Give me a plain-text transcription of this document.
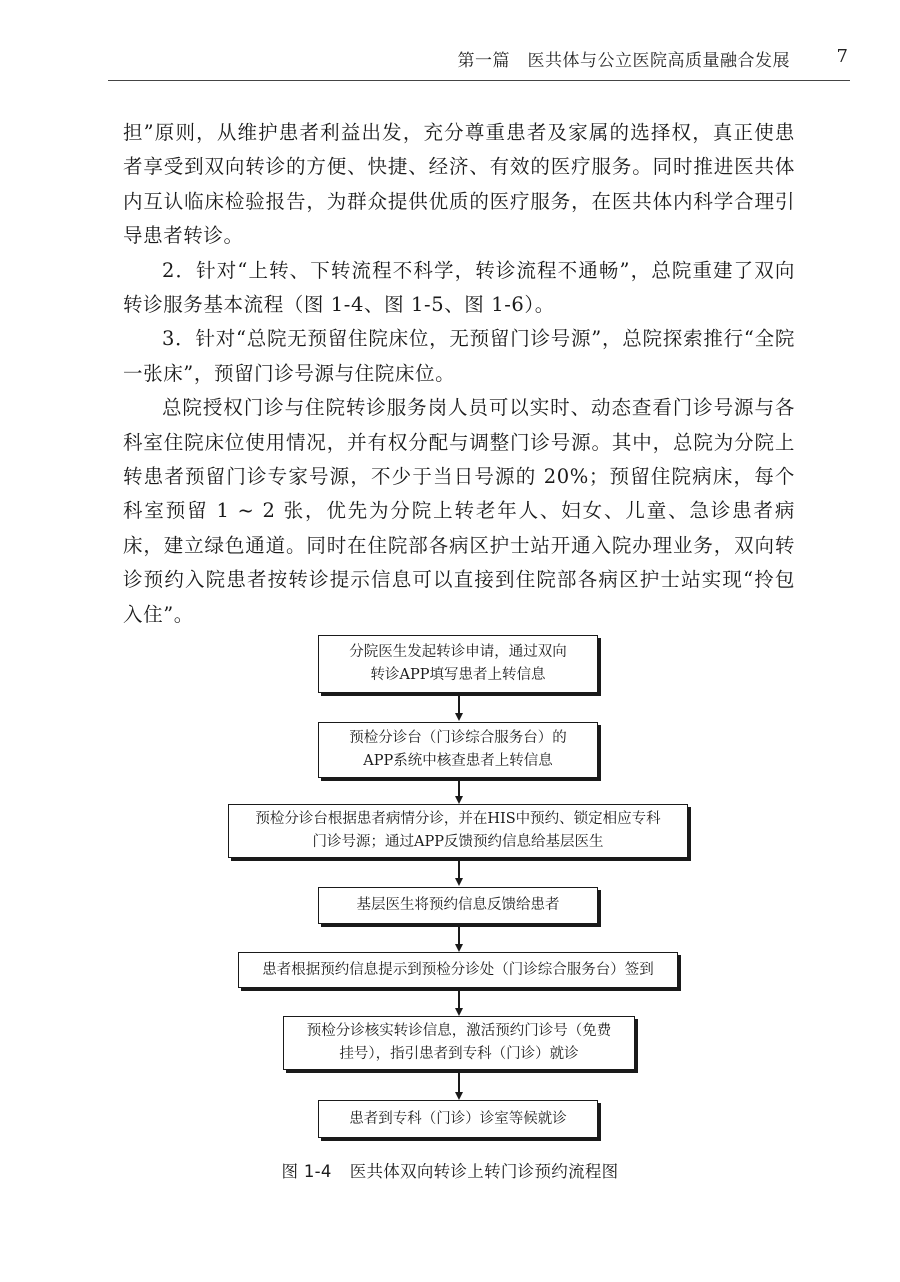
第一篇　医共体与公立医院高质量融合发展	7

担”原则，从维护患者利益出发，充分尊重患者及家属的选择权，真正使患者享受到双向转诊的方便、快捷、经济、有效的医疗服务。同时推进医共体内互认临床检验报告，为群众提供优质的医疗服务，在医共体内科学合理引导患者转诊。

2．针对“上转、下转流程不科学，转诊流程不通畅”，总院重建了双向转诊服务基本流程（图 1-4、图 1-5、图 1-6）。

3．针对“总院无预留住院床位，无预留门诊号源”，总院探索推行“全院一张床”，预留门诊号源与住院床位。

总院授权门诊与住院转诊服务岗人员可以实时、动态查看门诊号源与各科室住院床位使用情况，并有权分配与调整门诊号源。其中，总院为分院上转患者预留门诊专家号源，不少于当日号源的 20%；预留住院病床，每个科室预留 1 ~ 2 张，优先为分院上转老年人、妇女、儿童、急诊患者病床，建立绿色通道。同时在住院部各病区护士站开通入院办理业务，双向转诊预约入院患者按转诊提示信息可以直接到住院部各病区护士站实现“拎包入住”。

分院医生发起转诊申请，通过双向
转诊APP填写患者上转信息
预检分诊台（门诊综合服务台）的
APP系统中核查患者上转信息
预检分诊台根据患者病情分诊，并在HIS中预约、锁定相应专科
门诊号源；通过APP反馈预约信息给基层医生
基层医生将预约信息反馈给患者
患者根据预约信息提示到预检分诊处（门诊综合服务台）签到
预检分诊核实转诊信息，激活预约门诊号（免费
挂号），指引患者到专科（门诊）就诊
患者到专科（门诊）诊室等候就诊
图 1-4 医共体双向转诊上转门诊预约流程图
